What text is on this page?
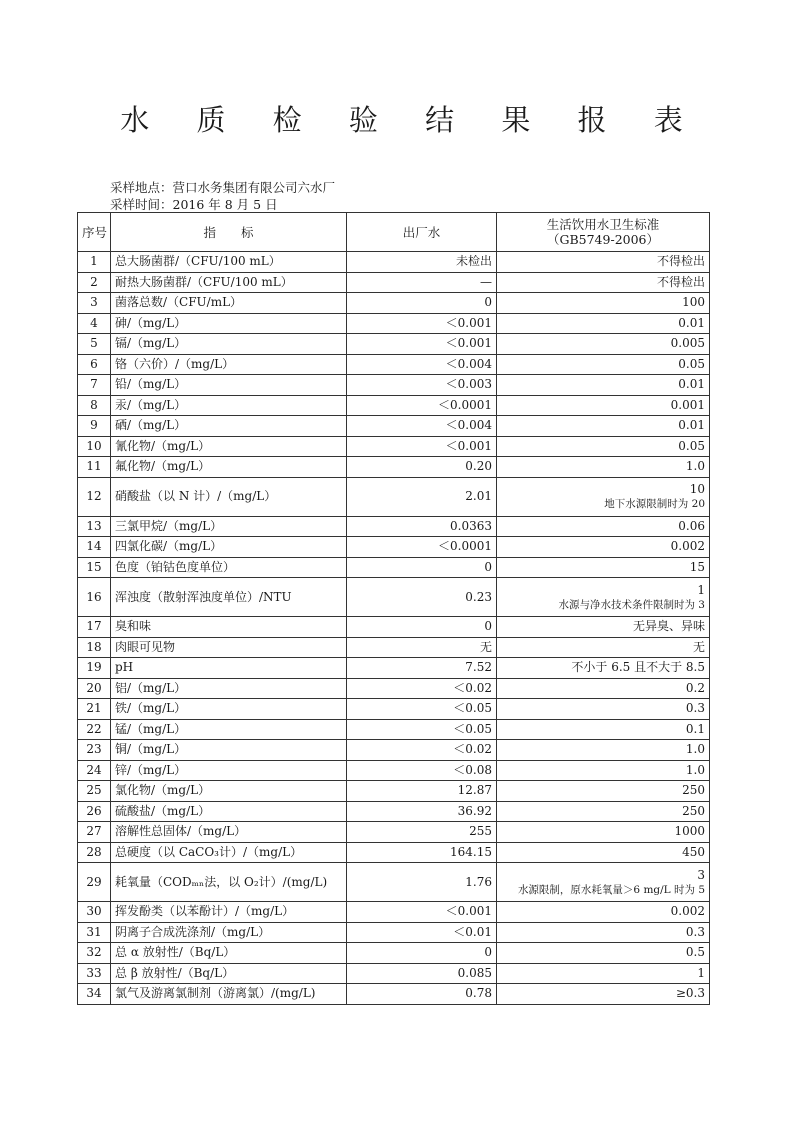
水 质 检 验 结 果 报 表
采样地点：营口水务集团有限公司六水厂
采样时间：2016 年 8 月 5 日
序号	指　　标	出厂水	生活饮用水卫生标准
（GB5749-2006）

1	总大肠菌群/（CFU/100 mL）	未检出	不得检出

2	耐热大肠菌群/（CFU/100 mL）	—	不得检出

3	菌落总数/（CFU/mL）	0	100

4	砷/（mg/L）	＜0.001	0.01

5	镉/（mg/L）	＜0.001	0.005

6	铬（六价）/（mg/L）	＜0.004	0.05

7	铅/（mg/L）	＜0.003	0.01

8	汞/（mg/L）	＜0.0001	0.001

9	硒/（mg/L）	＜0.004	0.01

10	氰化物/（mg/L）	＜0.001	0.05

11	氟化物/（mg/L）	0.20	1.0

12	硝酸盐（以 N 计）/（mg/L）	2.01	10
地下水源限制时为 20

13	三氯甲烷/（mg/L）	0.0363	0.06

14	四氯化碳/（mg/L）	＜0.0001	0.002

15	色度（铂钴色度单位）	0	15

16	浑浊度（散射浑浊度单位）/NTU	0.23	1
水源与净水技术条件限制时为 3

17	臭和味	0	无异臭、异味

18	肉眼可见物	无	无

19	pH	7.52	不小于 6.5 且不大于 8.5

20	铝/（mg/L）	＜0.02	0.2

21	铁/（mg/L）	＜0.05	0.3

22	锰/（mg/L）	＜0.05	0.1

23	铜/（mg/L）	＜0.02	1.0

24	锌/（mg/L）	＜0.08	1.0

25	氯化物/（mg/L）	12.87	250

26	硫酸盐/（mg/L）	36.92	250

27	溶解性总固体/（mg/L）	255	1000

28	总硬度（以 CaCO₃计）/（mg/L）	164.15	450

29	耗氧量（CODₘₙ法，以 O₂计）/(mg/L)	1.76	3
水源限制，原水耗氧量＞6 mg/L 时为 5

30	挥发酚类（以苯酚计）/（mg/L）	＜0.001	0.002

31	阴离子合成洗涤剂/（mg/L）	＜0.01	0.3

32	总 α 放射性/（Bq/L）	0	0.5

33	总 β 放射性/（Bq/L）	0.085	1

34	氯气及游离氯制剂（游离氯）/(mg/L)	0.78	≥0.3
